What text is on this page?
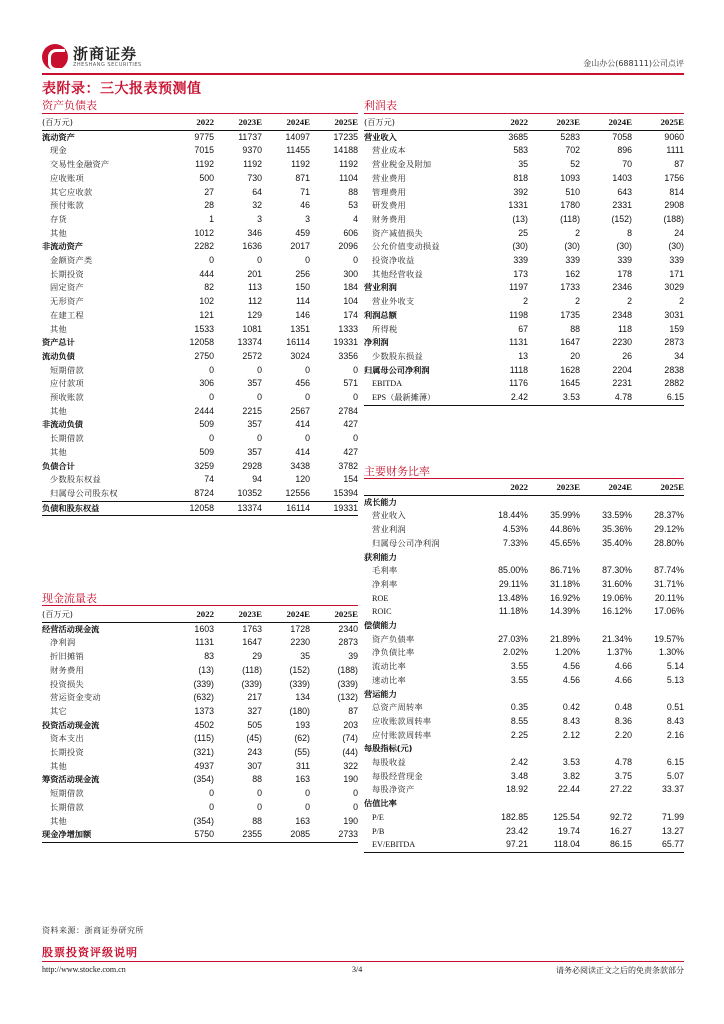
浙商证券
ZHESHANG SECURITIES	金山办公(688111)公司点评
表附录：三大报表预测值
资产负债表
(百万元)	2022	2023E	2024E	2025E
流动资产	9775	11737	14097	17235
现金	7015	9370	11455	14188
交易性金融资产	1192	1192	1192	1192
应收账项	500	730	871	1104
其它应收款	27	64	71	88
预付账款	28	32	46	53
存货	1	3	3	4
其他	1012	346	459	606
非流动资产	2282	1636	2017	2096
金额资产类	0	0	0	0
长期投资	444	201	256	300
固定资产	82	113	150	184
无形资产	102	112	114	104
在建工程	121	129	146	174
其他	1533	1081	1351	1333
资产总计	12058	13374	16114	19331
流动负债	2750	2572	3024	3356
短期借款	0	0	0	0
应付款项	306	357	456	571
预收账款	0	0	0	0
其他	2444	2215	2567	2784
非流动负债	509	357	414	427
长期借款	0	0	0	0
其他	509	357	414	427
负债合计	3259	2928	3438	3782
少数股东权益	74	94	120	154
归属母公司股东权	8724	10352	12556	15394
负债和股东权益	12058	13374	16114	19331
现金流量表
(百万元)	2022	2023E	2024E	2025E
经营活动现金流	1603	1763	1728	2340
净利润	1131	1647	2230	2873
折旧摊销	83	29	35	39
财务费用	(13)	(118)	(152)	(188)
投资损失	(339)	(339)	(339)	(339)
营运资金变动	(632)	217	134	(132)
其它	1373	327	(180)	87
投资活动现金流	4502	505	193	203
资本支出	(115)	(45)	(62)	(74)
长期投资	(321)	243	(55)	(44)
其他	4937	307	311	322
筹资活动现金流	(354)	88	163	190
短期借款	0	0	0	0
长期借款	0	0	0	0
其他	(354)	88	163	190
现金净增加额	5750	2355	2085	2733
利润表
(百万元)	2022	2023E	2024E	2025E
营业收入	3685	5283	7058	9060
营业成本	583	702	896	1111
营业税金及附加	35	52	70	87
营业费用	818	1093	1403	1756
管理费用	392	510	643	814
研发费用	1331	1780	2331	2908
财务费用	(13)	(118)	(152)	(188)
资产减值损失	25	2	8	24
公允价值变动损益	(30)	(30)	(30)	(30)
投资净收益	339	339	339	339
其他经营收益	173	162	178	171
营业利润	1197	1733	2346	3029
营业外收支	2	2	2	2
利润总额	1198	1735	2348	3031
所得税	67	88	118	159
净利润	1131	1647	2230	2873
少数股东损益	13	20	26	34
归属母公司净利润	1118	1628	2204	2838
EBITDA	1176	1645	2231	2882
EPS（最新摊薄）	2.42	3.53	4.78	6.15
主要财务比率
	2022	2023E	2024E	2025E
成长能力				
营业收入	18.44%	35.99%	33.59%	28.37%
营业利润	4.53%	44.86%	35.36%	29.12%
归属母公司净利润	7.33%	45.65%	35.40%	28.80%
获利能力				
毛利率	85.00%	86.71%	87.30%	87.74%
净利率	29.11%	31.18%	31.60%	31.71%
ROE	13.48%	16.92%	19.06%	20.11%
ROIC	11.18%	14.39%	16.12%	17.06%
偿债能力				
资产负债率	27.03%	21.89%	21.34%	19.57%
净负债比率	2.02%	1.20%	1.37%	1.30%
流动比率	3.55	4.56	4.66	5.14
速动比率	3.55	4.56	4.66	5.13
营运能力				
总资产周转率	0.35	0.42	0.48	0.51
应收账款周转率	8.55	8.43	8.36	8.43
应付账款周转率	2.25	2.12	2.20	2.16
每股指标(元)				
每股收益	2.42	3.53	4.78	6.15
每股经营现金	3.48	3.82	3.75	5.07
每股净资产	18.92	22.44	27.22	33.37
估值比率				
P/E	182.85	125.54	92.72	71.99
P/B	23.42	19.74	16.27	13.27
EV/EBITDA	97.21	118.04	86.15	65.77
资料来源：浙商证券研究所
股票投资评级说明
http://www.stocke.com.cn	3/4	请务必阅读正文之后的免责条款部分
